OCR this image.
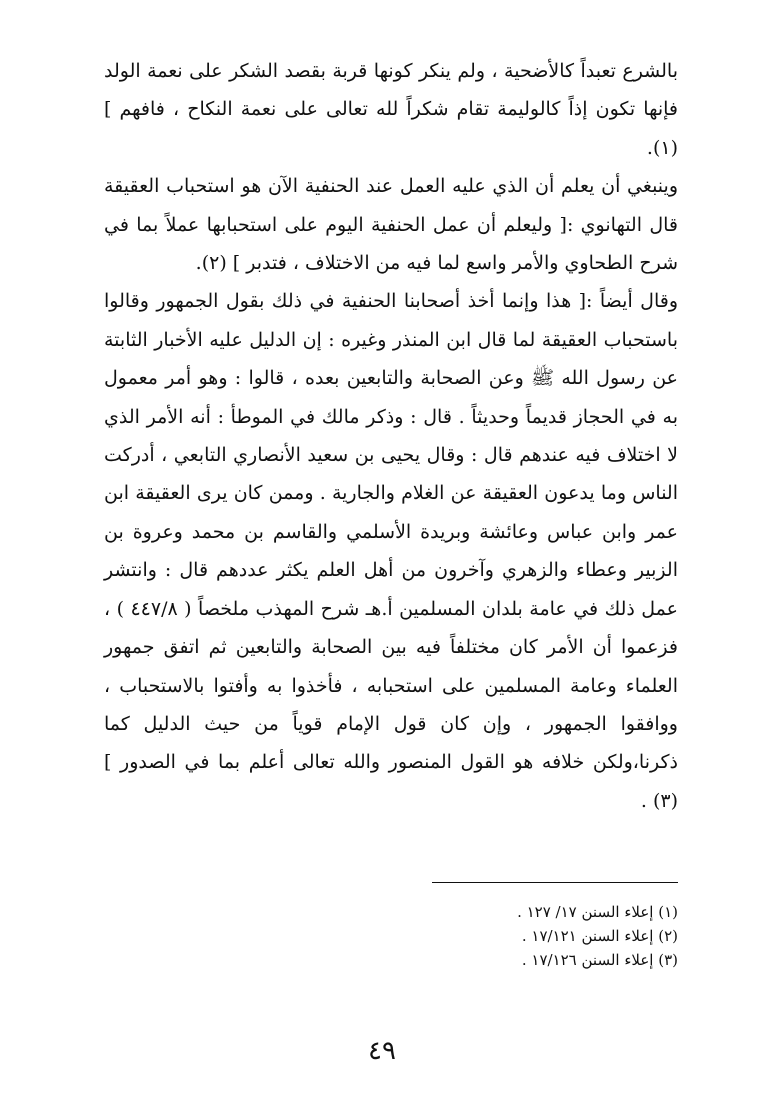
بالشرع تعبداً كالأضحية ، ولم ينكر كونها قربة بقصد الشكر على نعمة الولد فإنها تكون إذاً كالوليمة تقام شكراً لله تعالى على نعمة النكاح ، فافهم ] (١).

وينبغي أن يعلم أن الذي عليه العمل عند الحنفية الآن هو استحباب العقيقة قال التهانوي :[ وليعلم أن عمل الحنفية اليوم على استحبابها عملاً بما في شرح الطحاوي والأمر واسع لما فيه من الاختلاف ، فتدبر ] (٢).

وقال أيضاً :[ هذا وإنما أخذ أصحابنا الحنفية في ذلك بقول الجمهور وقالوا باستحباب العقيقة لما قال ابن المنذر وغيره : إن الدليل عليه الأخبار الثابتة عن رسول الله ﷺ وعن الصحابة والتابعين بعده ، قالوا : وهو أمر معمول به في الحجاز قديماً وحديثاً . قال : وذكر مالك في الموطأ : أنه الأمر الذي لا اختلاف فيه عندهم قال : وقال يحيى بن سعيد الأنصاري التابعي ، أدركت الناس وما يدعون العقيقة عن الغلام والجارية . وممن كان يرى العقيقة ابن عمر وابن عباس وعائشة وبريدة الأسلمي والقاسم بن محمد وعروة بن الزبير وعطاء والزهري وآخرون من أهل العلم يكثر عددهم قال : وانتشر عمل ذلك في عامة بلدان المسلمين أ.هـ شرح المهذب ملخصاً ( ٤٤٧/٨ ) ، فزعموا أن الأمر كان مختلفاً فيه بين الصحابة والتابعين ثم اتفق جمهور العلماء وعامة المسلمين على استحبابه ، فأخذوا به وأفتوا بالاستحباب ، ووافقوا الجمهور ، وإن كان قول الإمام قوياً من حيث الدليل كما ذكرنا،ولكن خلافه هو القول المنصور والله تعالى أعلم بما في الصدور ] (٣) .

(١) إعلاء السنن ١٧/ ١٢٧ .

(٢) إعلاء السنن ١٧/١٢١ .

(٣) إعلاء السنن ١٧/١٢٦ .

٤٩
